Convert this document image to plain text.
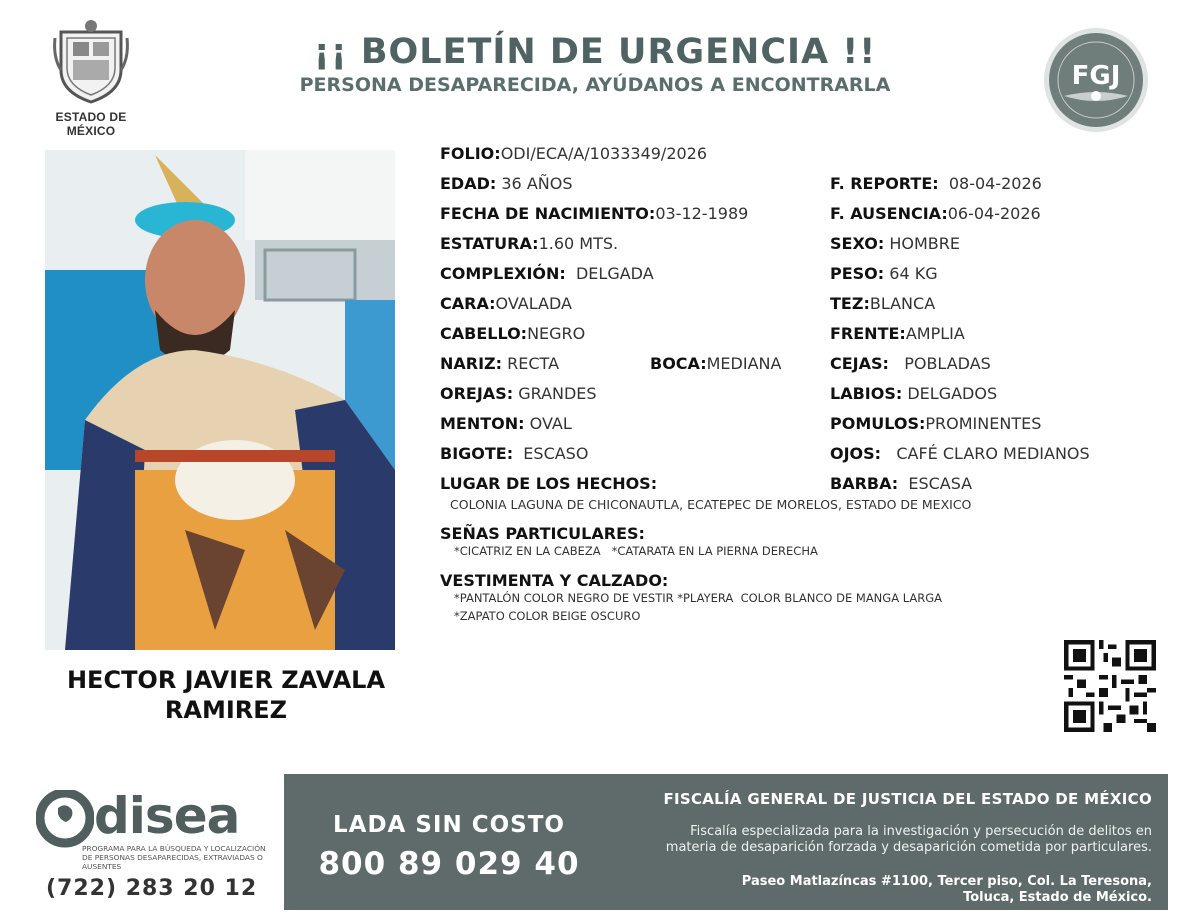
ESTADO DE MÉXICO
¡¡ BOLETÍN DE URGENCIA !!
PERSONA DESAPARECIDA, AYÚDANOS A ENCONTRARLA	FGJ
HECTOR JAVIER ZAVALA
RAMIREZ
FOLIO:ODI/ECA/A/1033349/2026
EDAD: 36 AÑOS
FECHA DE NACIMIENTO:03-12-1989
ESTATURA:1.60 MTS.
COMPLEXIÓN: DELGADA
CARA:OVALADA
CABELLO:NEGRO
NARIZ: RECTA	BOCA:MEDIANA
OREJAS: GRANDES
MENTON: OVAL
BIGOTE: ESCASO
F. REPORTE: 08-04-2026
F. AUSENCIA:06-04-2026
SEXO: HOMBRE
PESO: 64 KG
TEZ:BLANCA
FRENTE:AMPLIA
CEJAS: POBLADAS
LABIOS: DELGADOS
POMULOS:PROMINENTES
OJOS: CAFÉ CLARO MEDIANOS
BARBA: ESCASA
LUGAR DE LOS HECHOS:
COLONIA LAGUNA DE CHICONAUTLA, ECATEPEC DE MORELOS, ESTADO DE MEXICO
SEÑAS PARTICULARES:
*CICATRIZ EN LA CABEZA   *CATARATA EN LA PIERNA DERECHA
VESTIMENTA Y CALZADO:
*PANTALÓN COLOR NEGRO DE VESTIR *PLAYERA  COLOR BLANCO DE MANGA LARGA
*ZAPATO COLOR BEIGE OSCURO
disea
PROGRAMA PARA LA BÚSQUEDA Y LOCALIZACIÓN DE PERSONAS DESAPARECIDAS, EXTRAVIADAS O AUSENTES
(722) 283 20 12
LADA SIN COSTO
800 89 029 40
FISCALÍA GENERAL DE JUSTICIA DEL ESTADO DE MÉXICO
Fiscalía especializada para la investigación y persecución de delitos en
materia de desaparición forzada y desaparición cometida por particulares.
Paseo Matlazíncas #1100, Tercer piso, Col. La Teresona,
Toluca, Estado de México.
